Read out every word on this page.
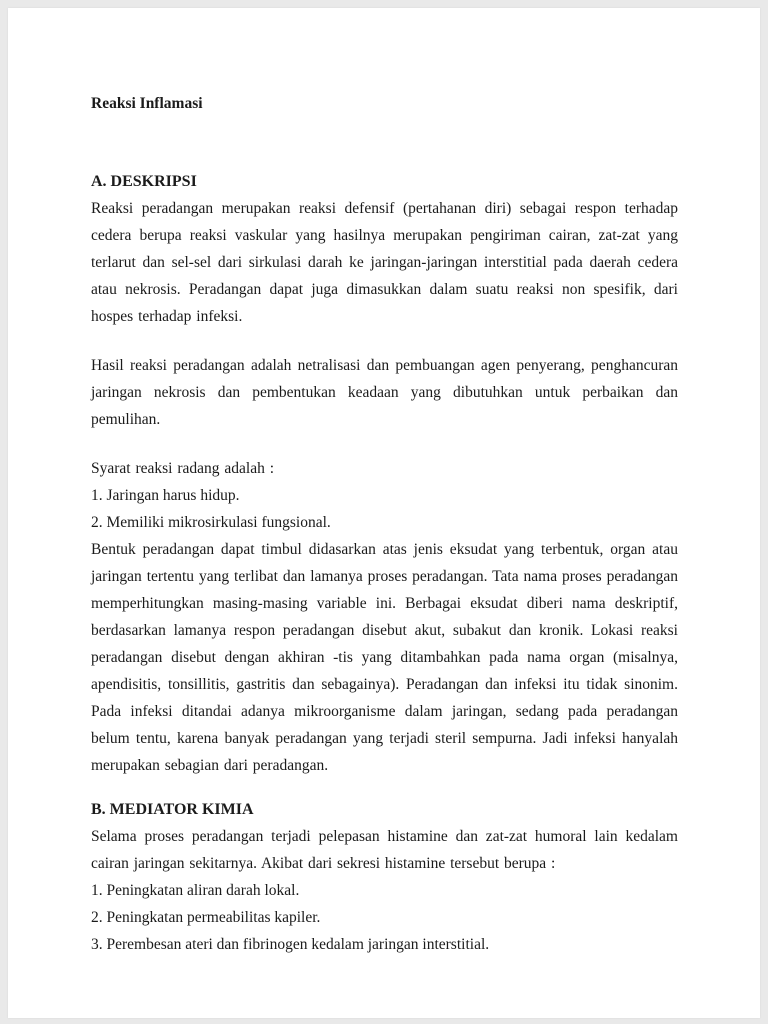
Reaksi Inflamasi
A. DESKRIPSI

Reaksi peradangan merupakan reaksi defensif (pertahanan diri) sebagai respon terhadap cedera berupa reaksi vaskular yang hasilnya merupakan pengiriman cairan, zat-zat yang terlarut dan sel-sel dari sirkulasi darah ke jaringan-jaringan interstitial pada daerah cedera atau nekrosis. Peradangan dapat juga dimasukkan dalam suatu reaksi non spesifik, dari hospes terhadap infeksi.

Hasil reaksi peradangan adalah netralisasi dan pembuangan agen penyerang, penghancuran jaringan nekrosis dan pembentukan keadaan yang dibutuhkan untuk perbaikan dan pemulihan.

Syarat reaksi radang adalah :

1. Jaringan harus hidup.
2. Memiliki mikrosirkulasi fungsional.

Bentuk peradangan dapat timbul didasarkan atas jenis eksudat yang terbentuk, organ atau jaringan tertentu yang terlibat dan lamanya proses peradangan. Tata nama proses peradangan memperhitungkan masing-masing variable ini. Berbagai eksudat diberi nama deskriptif, berdasarkan lamanya respon peradangan disebut akut, subakut dan kronik. Lokasi reaksi peradangan disebut dengan akhiran -tis yang ditambahkan pada nama organ (misalnya, apendisitis, tonsillitis, gastritis dan sebagainya). Peradangan dan infeksi itu tidak sinonim. Pada infeksi ditandai adanya mikroorganisme dalam jaringan, sedang pada peradangan belum tentu, karena banyak peradangan yang terjadi steril sempurna. Jadi infeksi hanyalah merupakan sebagian dari peradangan.

B. MEDIATOR KIMIA

Selama proses peradangan terjadi pelepasan histamine dan zat-zat humoral lain kedalam cairan jaringan sekitarnya. Akibat dari sekresi histamine tersebut berupa :

1. Peningkatan aliran darah lokal.
2. Peningkatan permeabilitas kapiler.
3. Perembesan ateri dan fibrinogen kedalam jaringan interstitial.
